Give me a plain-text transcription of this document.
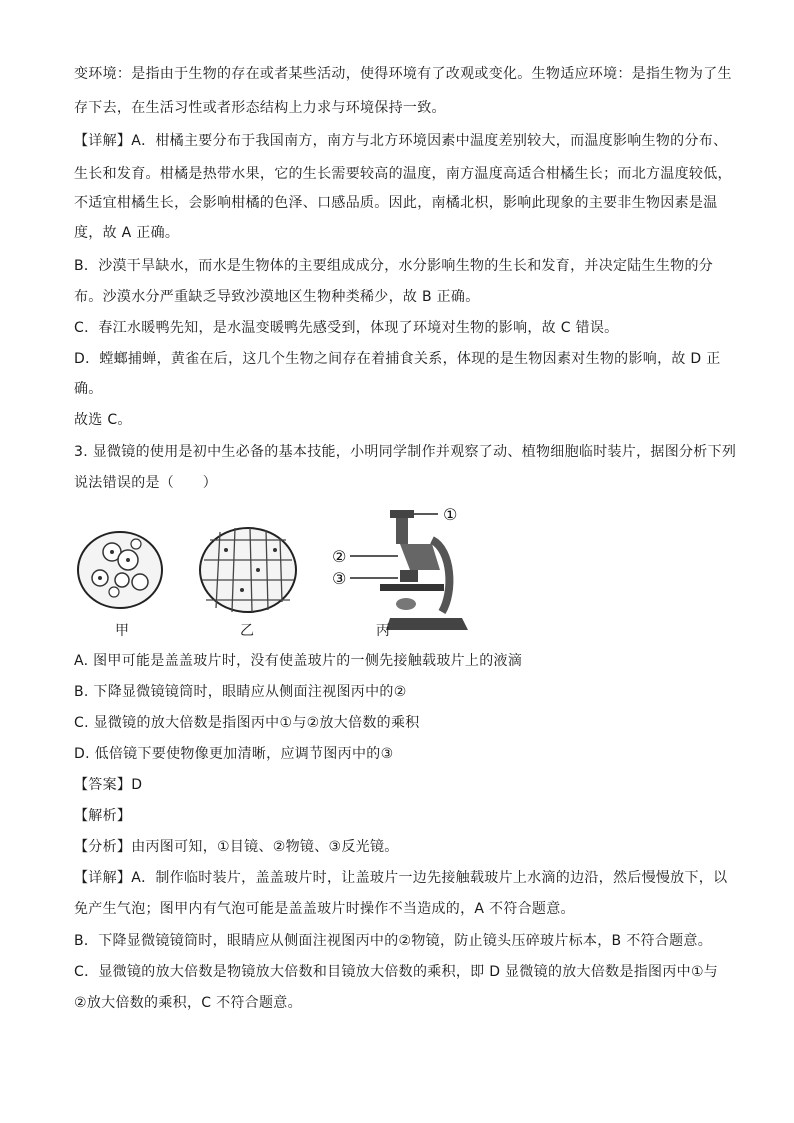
变环境：是指由于生物的存在或者某些活动，使得环境有了改观或变化。生物适应环境：是指生物为了生
存下去，在生活习性或者形态结构上力求与环境保持一致。
【详解】A．柑橘主要分布于我国南方，南方与北方环境因素中温度差别较大，而温度影响生物的分布、
生长和发育。柑橘是热带水果，它的生长需要较高的温度，南方温度高适合柑橘生长；而北方温度较低，
不适宜柑橘生长，会影响柑橘的色泽、口感品质。因此，南橘北枳，影响此现象的主要非生物因素是温
度，故 A 正确。
B．沙漠干旱缺水，而水是生物体的主要组成成分，水分影响生物的生长和发育，并决定陆生生物的分
布。沙漠水分严重缺乏导致沙漠地区生物种类稀少，故 B 正确。
C．春江水暖鸭先知，是水温变暖鸭先感受到，体现了环境对生物的影响，故 C 错误。
D．螳螂捕蝉，黄雀在后，这几个生物之间存在着捕食关系，体现的是生物因素对生物的影响，故 D 正
确。
故选 C。
3. 显微镜的使用是初中生必备的基本技能，小明同学制作并观察了动、植物细胞临时装片，据图分析下列
说法错误的是（　　）
①
②
③
甲	乙	丙
A. 图甲可能是盖盖玻片时，没有使盖玻片的一侧先接触载玻片上的液滴
B. 下降显微镜镜筒时，眼睛应从侧面注视图丙中的②
C. 显微镜的放大倍数是指图丙中①与②放大倍数的乘积
D. 低倍镜下要使物像更加清晰，应调节图丙中的③
【答案】D
【解析】
【分析】由丙图可知，①目镜、②物镜、③反光镜。
【详解】A．制作临时装片，盖盖玻片时，让盖玻片一边先接触载玻片上水滴的边沿，然后慢慢放下，以
免产生气泡；图甲内有气泡可能是盖盖玻片时操作不当造成的，A 不符合题意。
B．下降显微镜镜筒时，眼睛应从侧面注视图丙中的②物镜，防止镜头压碎玻片标本，B 不符合题意。
C．显微镜的放大倍数是物镜放大倍数和目镜放大倍数的乘积，即 D 显微镜的放大倍数是指图丙中①与
②放大倍数的乘积，C 不符合题意。
